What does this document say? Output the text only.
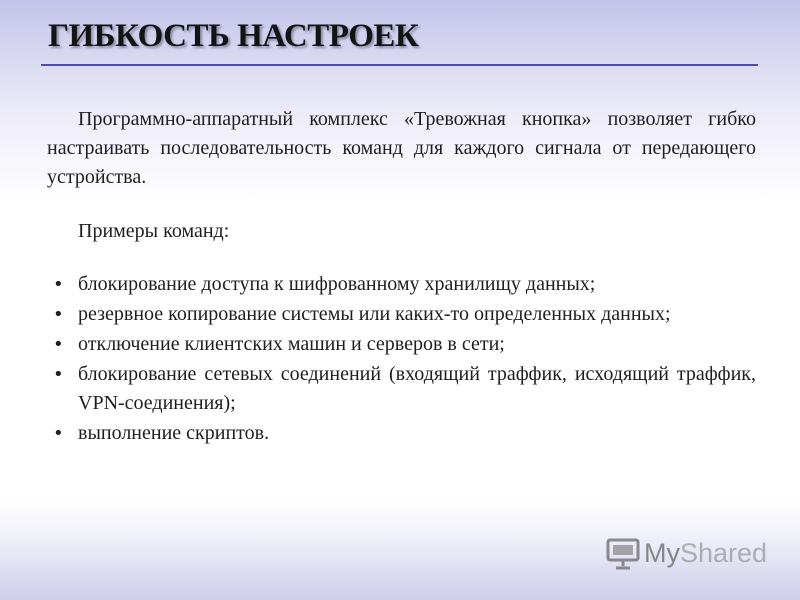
ГИБКОСТЬ НАСТРОЕК

Программно-аппаратный комплекс «Тревожная кнопка» позволяет гибко настраивать последовательность команд для каждого сигнала от передающего устройства.

Примеры команд:

• блокирование доступа к шифрованному хранилищу данных;
• резервное копирование системы или каких-то определенных данных;
• отключение клиентских машин и серверов в сети;
• блокирование сетевых соединений (входящий траффик, исходящий траффик, VPN-соединения);
• выполнение скриптов.
MyShared
